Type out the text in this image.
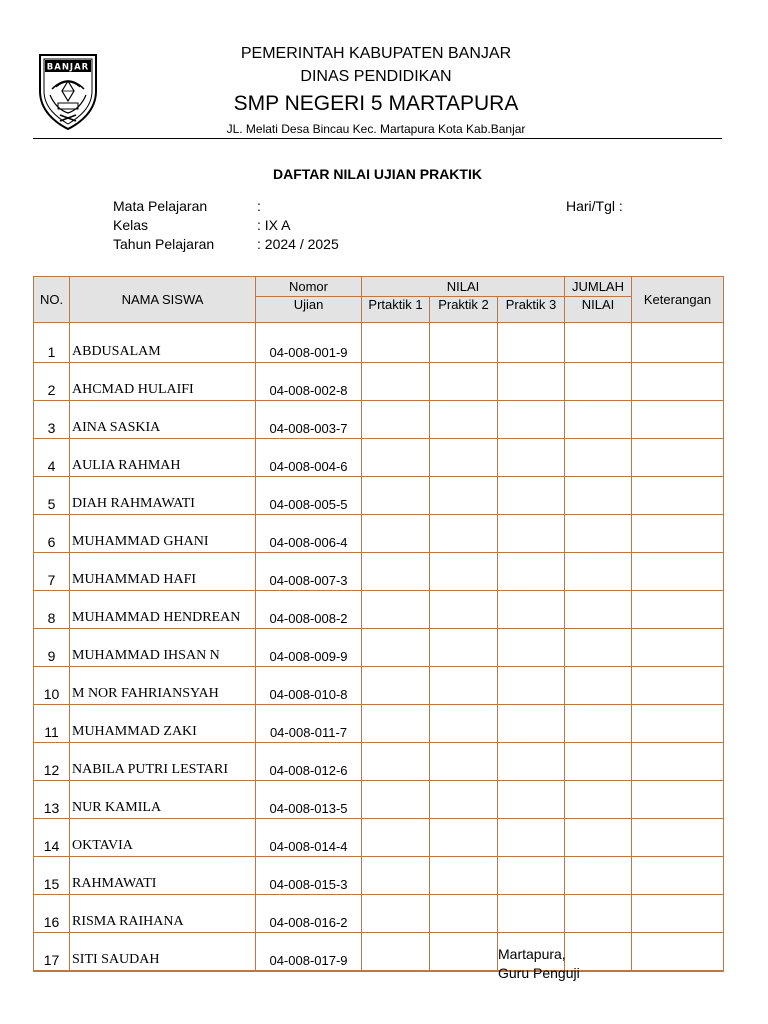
BANJAR
PEMERINTAH KABUPATEN BANJAR
DINAS PENDIDIKAN
SMP NEGERI 5 MARTAPURA
JL. Melati Desa Bincau Kec. Martapura Kota Kab.Banjar
DAFTAR NILAI UJIAN PRAKTIK
Mata Pelajaran	:
Kelas	: IX A
Tahun Pelajaran	: 2024 / 2025
Hari/Tgl :
NO.	NAMA SISWA	Nomor	NILAI			JUMLAH	Keterangan
		Ujian	Prtaktik 1	Praktik 2	Praktik 3	NILAI	
1	ABDUSALAM	04-008-001-9					
2	AHCMAD HULAIFI	04-008-002-8					
3	AINA SASKIA	04-008-003-7					
4	AULIA RAHMAH	04-008-004-6					
5	DIAH RAHMAWATI	04-008-005-5					
6	MUHAMMAD GHANI	04-008-006-4					
7	MUHAMMAD HAFI	04-008-007-3					
8	MUHAMMAD HENDREAN	04-008-008-2					
9	MUHAMMAD IHSAN N	04-008-009-9					
10	M NOR FAHRIANSYAH	04-008-010-8					
11	MUHAMMAD ZAKI	04-008-011-7					
12	NABILA PUTRI LESTARI	04-008-012-6					
13	NUR KAMILA	04-008-013-5					
14	OKTAVIA	04-008-014-4					
15	RAHMAWATI	04-008-015-3					
16	RISMA RAIHANA	04-008-016-2					
17	SITI SAUDAH	04-008-017-9						Martapura,
Guru Penguji
